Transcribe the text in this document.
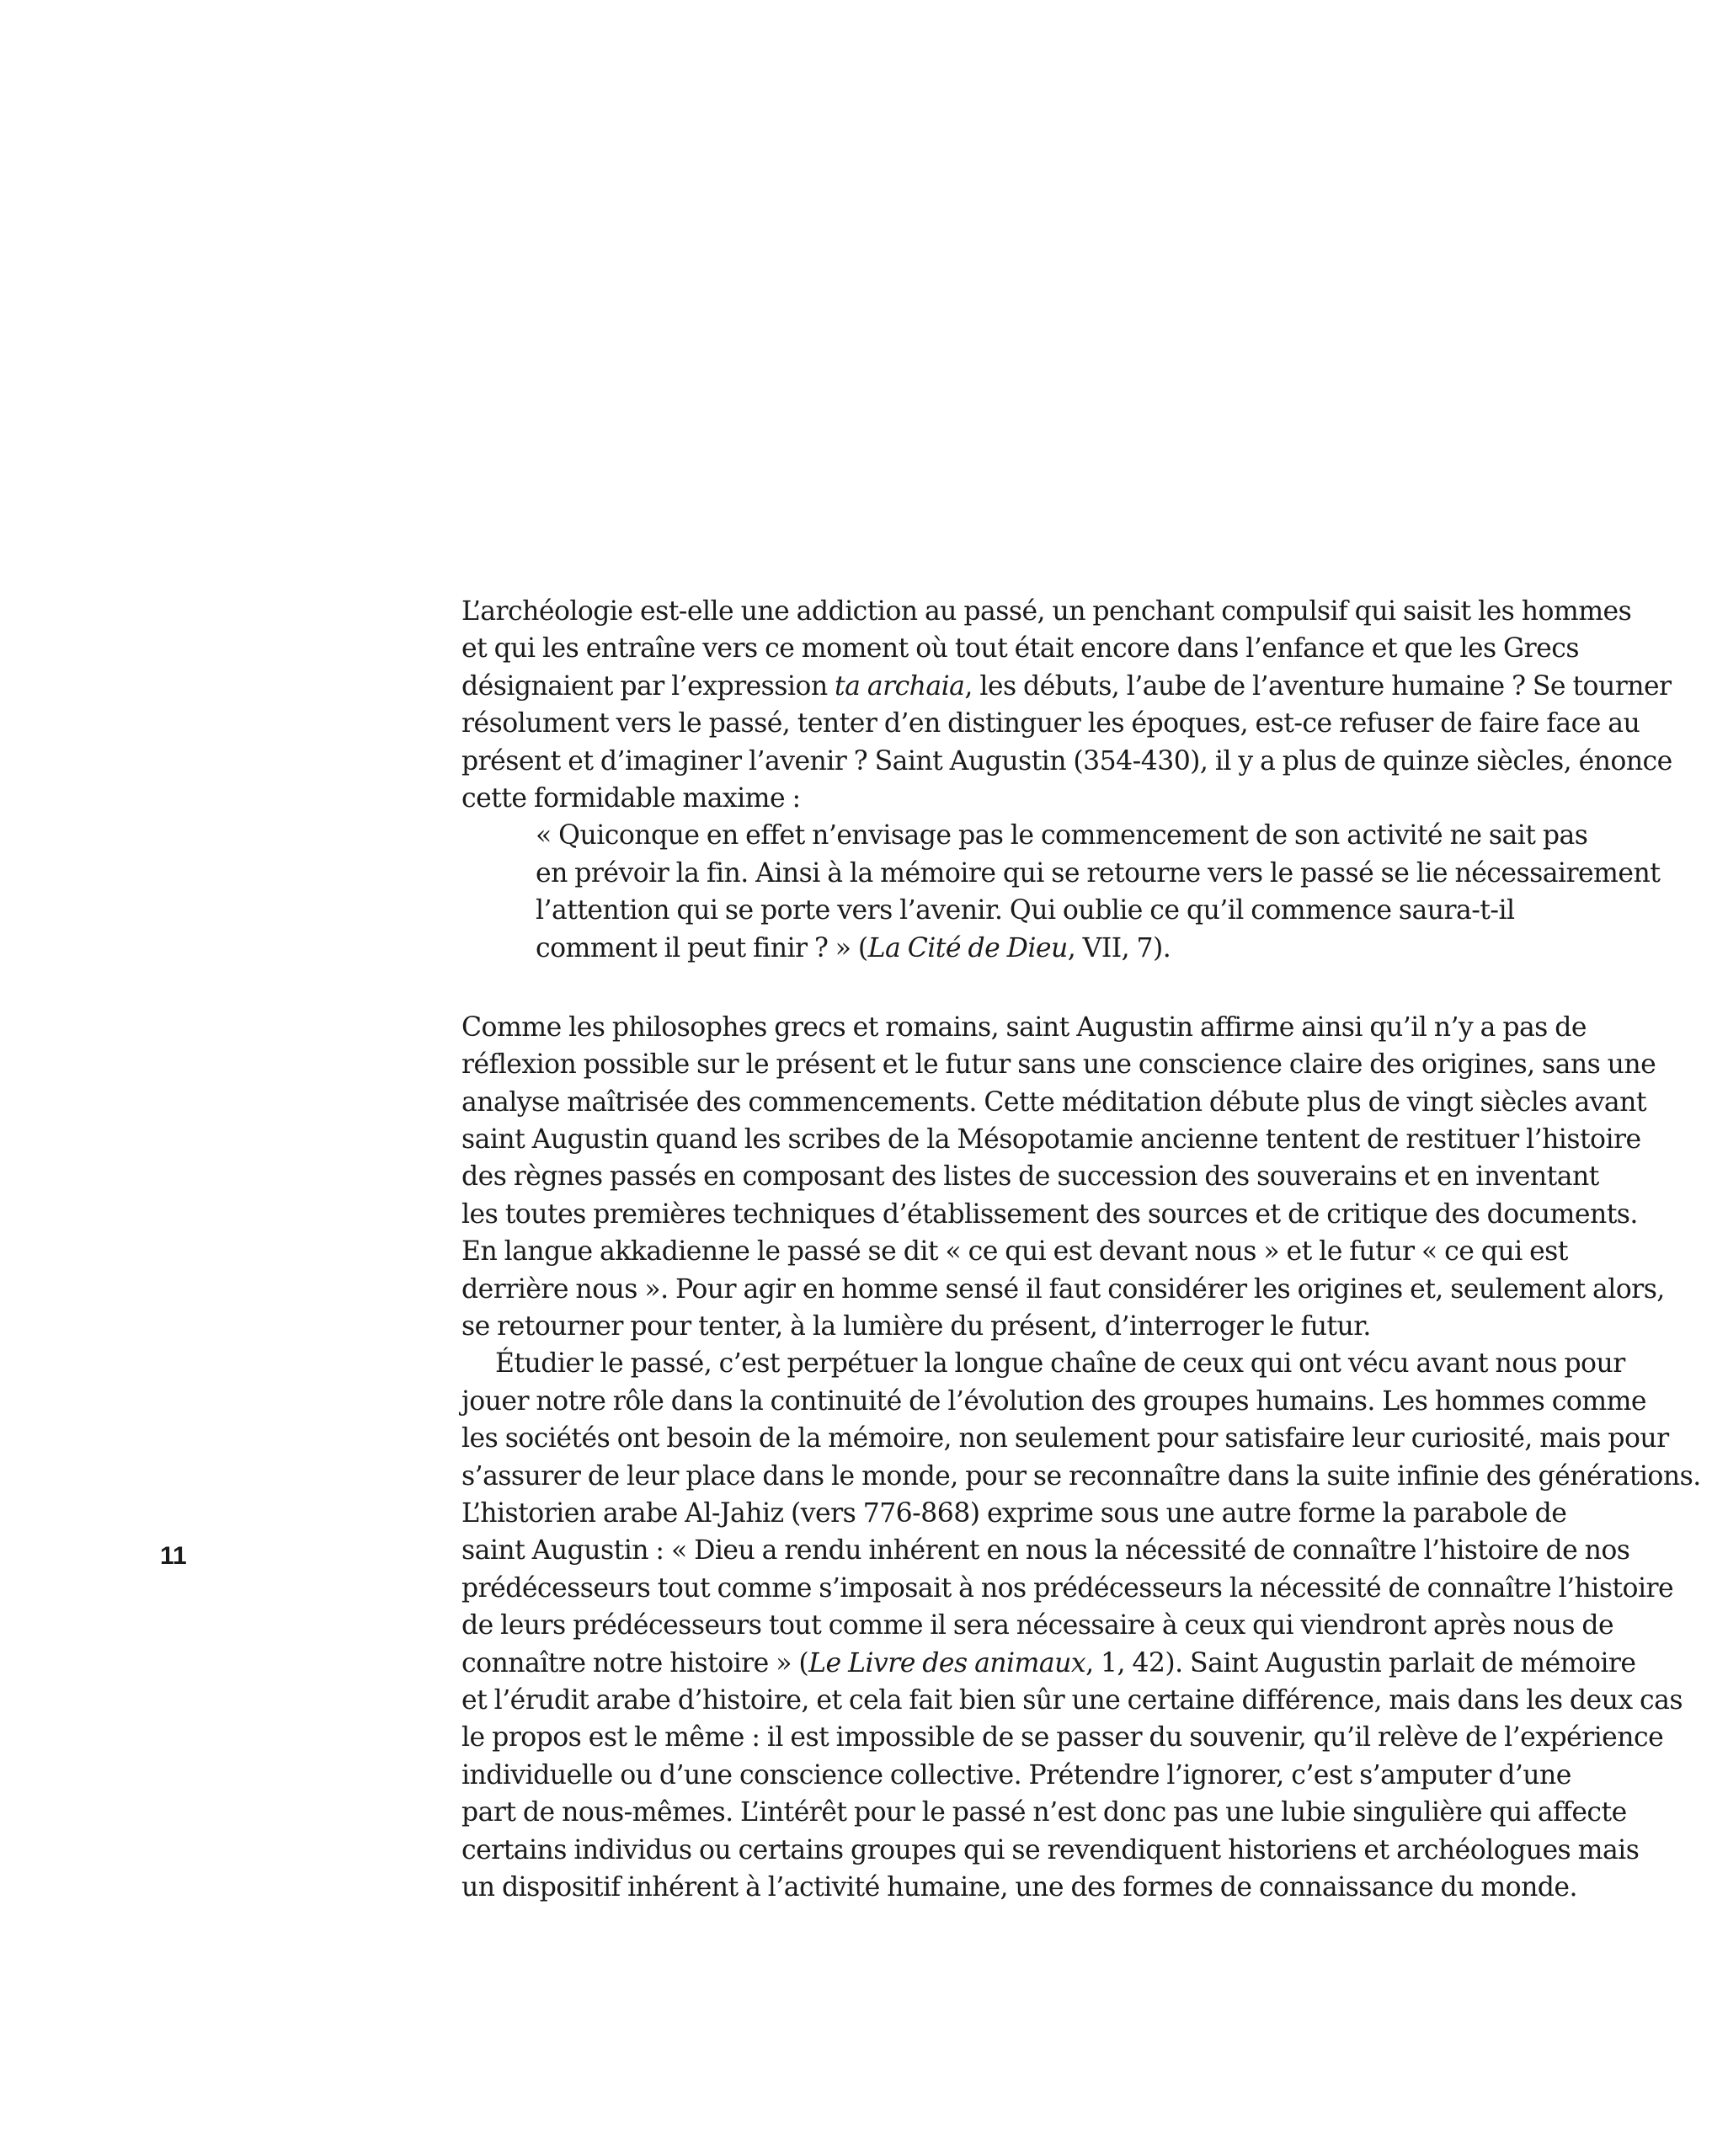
11
L’archéologie est-elle une addiction au passé, un penchant compulsif qui saisit les hommes
et qui les entraîne vers ce moment où tout était encore dans l’enfance et que les Grecs
désignaient par l’expression ta archaia, les débuts, l’aube de l’aventure humaine ? Se tourner
résolument vers le passé, tenter d’en distinguer les époques, est-ce refuser de faire face au
présent et d’imaginer l’avenir ? Saint Augustin (354-430), il y a plus de quinze siècles, énonce
cette formidable maxime :
« Quiconque en effet n’envisage pas le commencement de son activité ne sait pas
en prévoir la fin. Ainsi à la mémoire qui se retourne vers le passé se lie nécessairement
l’attention qui se porte vers l’avenir. Qui oublie ce qu’il commence saura-t-il
comment il peut finir ? » (La Cité de Dieu, VII, 7).
Comme les philosophes grecs et romains, saint Augustin affirme ainsi qu’il n’y a pas de
réflexion possible sur le présent et le futur sans une conscience claire des origines, sans une
analyse maîtrisée des commencements. Cette méditation débute plus de vingt siècles avant
saint Augustin quand les scribes de la Mésopotamie ancienne tentent de restituer l’histoire
des règnes passés en composant des listes de succession des souverains et en inventant
les toutes premières techniques d’établissement des sources et de critique des documents.
En langue akkadienne le passé se dit « ce qui est devant nous » et le futur « ce qui est
derrière nous ». Pour agir en homme sensé il faut considérer les origines et, seulement alors,
se retourner pour tenter, à la lumière du présent, d’interroger le futur.
Étudier le passé, c’est perpétuer la longue chaîne de ceux qui ont vécu avant nous pour
jouer notre rôle dans la continuité de l’évolution des groupes humains. Les hommes comme
les sociétés ont besoin de la mémoire, non seulement pour satisfaire leur curiosité, mais pour
s’assurer de leur place dans le monde, pour se reconnaître dans la suite infinie des générations.
L’historien arabe Al-Jahiz (vers 776-868) exprime sous une autre forme la parabole de
saint Augustin : « Dieu a rendu inhérent en nous la nécessité de connaître l’histoire de nos
prédécesseurs tout comme s’imposait à nos prédécesseurs la nécessité de connaître l’histoire
de leurs prédécesseurs tout comme il sera nécessaire à ceux qui viendront après nous de
connaître notre histoire » (Le Livre des animaux, 1, 42). Saint Augustin parlait de mémoire
et l’érudit arabe d’histoire, et cela fait bien sûr une certaine différence, mais dans les deux cas
le propos est le même : il est impossible de se passer du souvenir, qu’il relève de l’expérience
individuelle ou d’une conscience collective. Prétendre l’ignorer, c’est s’amputer d’une
part de nous-mêmes. L’intérêt pour le passé n’est donc pas une lubie singulière qui affecte
certains individus ou certains groupes qui se revendiquent historiens et archéologues mais
un dispositif inhérent à l’activité humaine, une des formes de connaissance du monde.
